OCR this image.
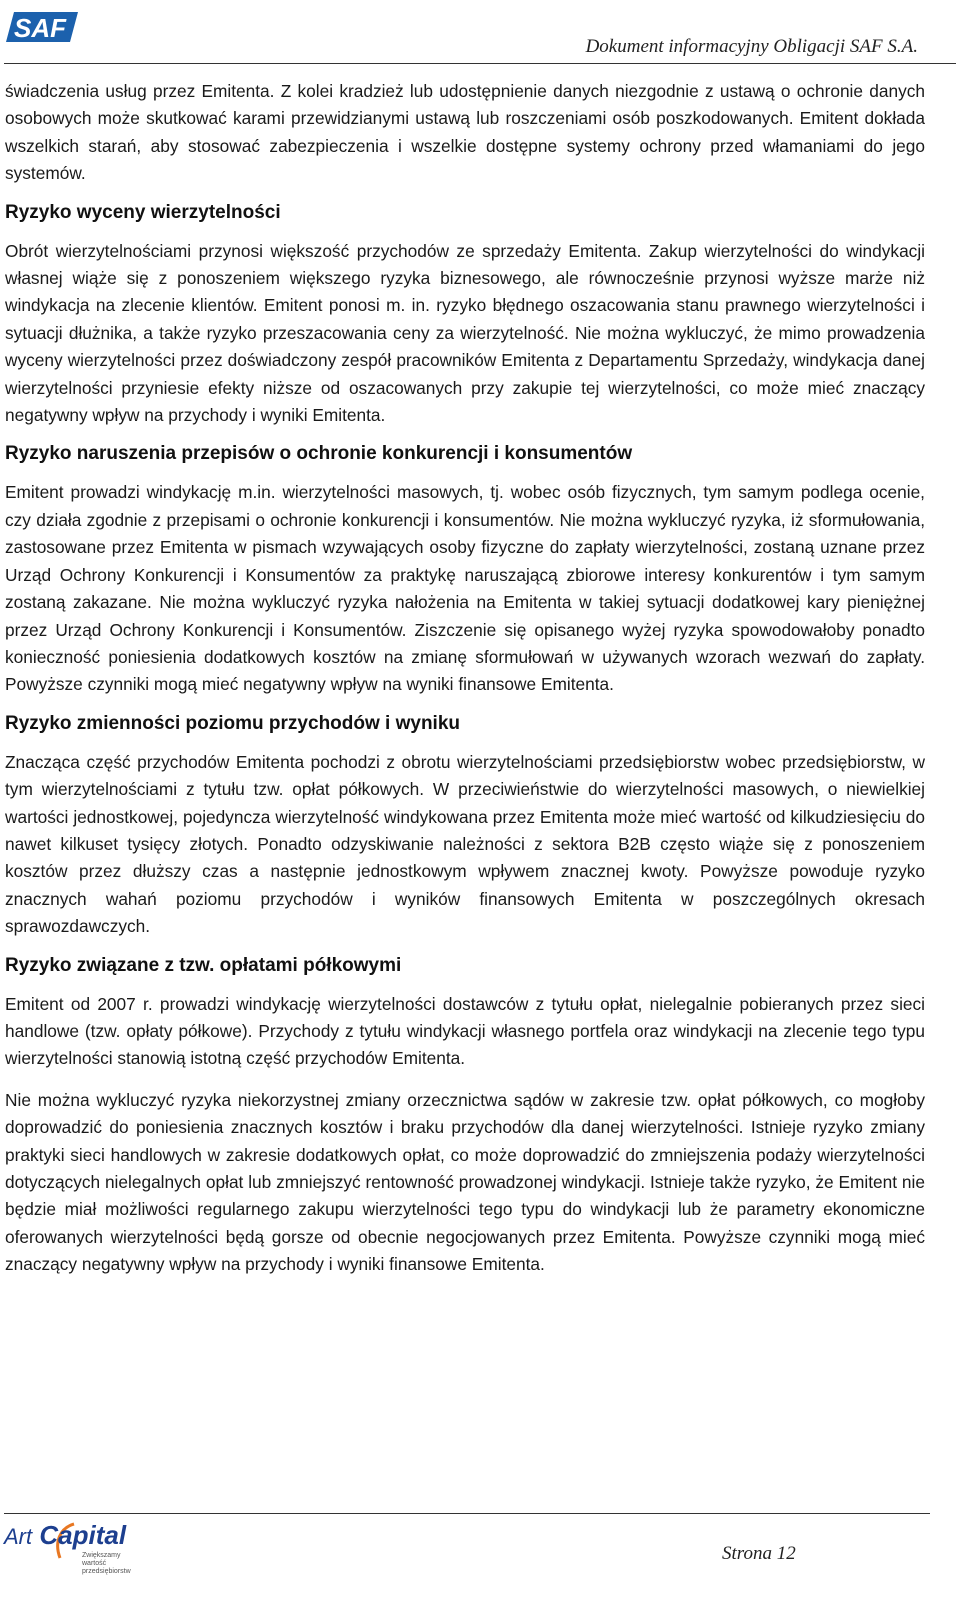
SAF
Dokument informacyjny Obligacji SAF S.A.

świadczenia usług przez Emitenta. Z kolei kradzież lub udostępnienie danych niezgodnie z ustawą o ochronie danych osobowych może skutkować karami przewidzianymi ustawą lub roszczeniami osób poszkodowanych. Emitent dokłada wszelkich starań, aby stosować zabezpieczenia i wszelkie dostępne systemy ochrony przed włamaniami do jego systemów.

Ryzyko wyceny wierzytelności

Obrót wierzytelnościami przynosi większość przychodów ze sprzedaży Emitenta. Zakup wierzytelności do windykacji własnej wiąże się z ponoszeniem większego ryzyka biznesowego, ale równocześnie przynosi wyższe marże niż windykacja na zlecenie klientów. Emitent ponosi m. in. ryzyko błędnego oszacowania stanu prawnego wierzytelności i sytuacji dłużnika, a także ryzyko przeszacowania ceny za wierzytelność. Nie można wykluczyć, że mimo prowadzenia wyceny wierzytelności przez doświadczony zespół pracowników Emitenta z Departamentu Sprzedaży, windykacja danej wierzytelności przyniesie efekty niższe od oszacowanych przy zakupie tej wierzytelności, co może mieć znaczący negatywny wpływ na przychody i wyniki Emitenta.

Ryzyko naruszenia przepisów o ochronie konkurencji i konsumentów

Emitent prowadzi windykację m.in. wierzytelności masowych, tj. wobec osób fizycznych, tym samym podlega ocenie, czy działa zgodnie z przepisami o ochronie konkurencji i konsumentów. Nie można wykluczyć ryzyka, iż sformułowania, zastosowane przez Emitenta w pismach wzywających osoby fizyczne do zapłaty wierzytelności, zostaną uznane przez Urząd Ochrony Konkurencji i Konsumentów za praktykę naruszającą zbiorowe interesy konkurentów i tym samym zostaną zakazane. Nie można wykluczyć ryzyka nałożenia na Emitenta w takiej sytuacji dodatkowej kary pieniężnej przez Urząd Ochrony Konkurencji i Konsumentów. Ziszczenie się opisanego wyżej ryzyka spowodowałoby ponadto konieczność poniesienia dodatkowych kosztów na zmianę sformułowań w używanych wzorach wezwań do zapłaty. Powyższe czynniki mogą mieć negatywny wpływ na wyniki finansowe Emitenta.

Ryzyko zmienności poziomu przychodów i wyniku

Znacząca część przychodów Emitenta pochodzi z obrotu wierzytelnościami przedsiębiorstw wobec przedsiębiorstw, w tym wierzytelnościami z tytułu tzw. opłat półkowych. W przeciwieństwie do wierzytelności masowych, o niewielkiej wartości jednostkowej, pojedyncza wierzytelność windykowana przez Emitenta może mieć wartość od kilkudziesięciu do nawet kilkuset tysięcy złotych. Ponadto odzyskiwanie należności z sektora B2B często wiąże się z ponoszeniem kosztów przez dłuższy czas a następnie jednostkowym wpływem znacznej kwoty. Powyższe powoduje ryzyko znacznych wahań poziomu przychodów i wyników finansowych Emitenta w poszczególnych okresach sprawozdawczych.

Ryzyko związane z tzw. opłatami półkowymi

Emitent od 2007 r. prowadzi windykację wierzytelności dostawców z tytułu opłat, nielegalnie pobieranych przez sieci handlowe (tzw. opłaty półkowe). Przychody z tytułu windykacji własnego portfela oraz windykacji na zlecenie tego typu wierzytelności stanowią istotną część przychodów Emitenta.

Nie można wykluczyć ryzyka niekorzystnej zmiany orzecznictwa sądów w zakresie tzw. opłat półkowych, co mogłoby doprowadzić do poniesienia znacznych kosztów i braku przychodów dla danej wierzytelności. Istnieje ryzyko zmiany praktyki sieci handlowych w zakresie dodatkowych opłat, co może doprowadzić do zmniejszenia podaży wierzytelności dotyczących nielegalnych opłat lub zmniejszyć rentowność prowadzonej windykacji. Istnieje także ryzyko, że Emitent nie będzie miał możliwości regularnego zakupu wierzytelności tego typu do windykacji lub że parametry ekonomiczne oferowanych wierzytelności będą gorsze od obecnie negocjowanych przez Emitenta. Powyższe czynniki mogą mieć znaczący negatywny wpływ na przychody i wyniki finansowe Emitenta.

Art Capital
Zwiększamy wartość przedsiębiorstw
Strona 12
